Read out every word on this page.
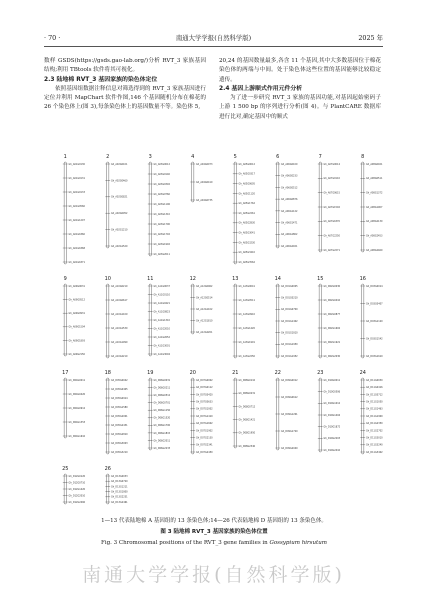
· 70 ·	南通大学学报(自然科学版)	2025 年

数样 GSDS(https://gsds.gao-lab.org/)分析 RVT_3 家族基因结构;利用 TBtools 软件将其可视化。

2.3 陆地棉 RVT_3 基因家族的染色体定位

依照基因组数据注释信息对筛选得到的 RVT_3 家族基因进行定位并利用 MapChart 软件作图,146 个基因随机分布在棉花的 26 个染色体上(图 3),每条染色体上的基因数量不等。染色体 5,

20,24 的基因数量最多,各含 11 个基因,其中大多数基因位于棉花染色体的两端与中间。处于染色体这些位置的基因能够比较稳定遗传。

2.4 基因上游顺式作用元件分析

为了进一步研究 RVT_3 家族的基因功能,对基因起始密码子上游 1 500 bp 的序列进行分析(图 4)。与 PlantCARE 数据库进行比对,确定基因中的顺式

1
Gh_A01G0130
Gh_A01G0131
Gh_A01G0133
Gh_A01G0560
Gh_A01G1207
Gh_A01G1860
Gh_A01G1868
Gh_A01G1871
2
Gh_A02G0101
Gh_A02G0460
Gh_A02G0821
Gh_A02G0952
Gh_A02G1210
Gh_A02G1520
3
Gh_A03G0012
Gh_A03G0140
Gh_A03G0392
Gh_A03G0760
Gh_A03G1106
Gh_A03G1310
Gh_A03G1700
Gh_A03G1702
Gh_A03G1902
Gh_A03G2011
4
Gh_A04G0073
Gh_A04G0410
Gh_A04G0735
5
Gh_A05G0012
Gh_A05G0317
Gh_A05G0605
Gh_A05G1120
Gh_A05G1762
Gh_A05G2261
Gh_A05G2830
Gh_A05G3041
Gh_A05G3230
Gh_A05G3410
Gh_A05G3562
6
Gh_A06G0100
Gh_A06G0233
Gh_A06G0512
Gh_A06G0876
Gh_A06G1122
Gh_A06G1471
Gh_A06G1802
Gh_A06G2021
7
Gh_A07G0014
Gh_A07G0110
Gh_A07G0615
Gh_A07G1502
Gh_A07G1870
Gh_A07G2250
Gh_A07G2271
8
Gh_A08G0021
Gh_A08G0511
Gh_A08G1372
Gh_A08G1907
Gh_A08G2130
Gh_A08G2453
Gh_A08G2460
9
Gh_A09G0031
Gh_A09G0512
Gh_A09G0931
Gh_A09G1504
Gh_A09G1893
Gh_A09G2150
10
Gh_A10G0210
Gh_A10G0617
Gh_A10G1109
Gh_A10G1530
Gh_A10G1990
Gh_A10G2210
11
Gh_A11G0037
Gh_A11G0110
Gh_A11G0421
Gh_A11G0823
Gh_A11G1310
Gh_A11G2010
Gh_A11G2652
Gh_A11G3001
Gh_A11G3004
12
Gh_A12G0062
Gh_A12G0514
Gh_A12G1102
Gh_A12G1810
Gh_A12G2201
13
Gh_A13G0041
Gh_A13G0511
Gh_A13G0910
Gh_A13G1420
Gh_A13G1901
Gh_A13G2250
14
Gh_D01G0005
Gh_D01G0210
Gh_D01G0700
Gh_D01G1402
Gh_D01G1810
Gh_D01G1950
Gh_D01G1952
15
Gh_D02G0030
Gh_D02G0410
Gh_D02G0877
Gh_D02G1602
Gh_D02G1921
Gh_D02G2030
16
Gh_D03G0014
Gh_D03G0407
Gh_D03G1120
Gh_D03G1542
Gh_D03G1610
17
Gh_D04G0011
Gh_D04G0420
Gh_D04G0912
Gh_D04G1353
Gh_D04G1610
18
Gh_D05G0042
Gh_D05G0405
Gh_D05G0914
Gh_D05G1580
Gh_D05G2001
Gh_D05G2431
Gh_D05G2810
Gh_D05G3003
Gh_D05G3210
19
Gh_D06G0031
Gh_D06G0211
Gh_D06G0512
Gh_D06G0701
Gh_D06G1150
Gh_D06G1520
Gh_D06G1700
Gh_D06G1815
Gh_D06G2011
Gh_D06G2233
20
Gh_D07G0002
Gh_D07G0112
Gh_D07G0420
Gh_D07G0633
Gh_D07G1002
Gh_D07G1410
Gh_D07G1602
Gh_D07G1902
Gh_D07G2130
Gh_D07G2341
Gh_D07G2450
21
Gh_D08G0110
Gh_D08G0231
Gh_D08G0712
Gh_D08G1421
Gh_D08G1950
Gh_D08G2340
22
Gh_D09G0012
Gh_D09G0612
Gh_D09G1201
Gh_D09G1720
Gh_D09G2040
23
Gh_D10G0011
Gh_D10G0506
Gh_D10G1012
Gh_D10G1404
Gh_D10G1872
Gh_D10G2203
Gh_D10G2410
24
Gh_D11G0030
Gh_D11G0416
Gh_D11G0712
Gh_D11G1050
Gh_D11G1463
Gh_D11G1900
Gh_D11G2350
Gh_D11G2702
Gh_D11G3010
Gh_D11G3240
Gh_D11G3402
25
Gh_D12G0120
Gh_D12G0710
Gh_D12G1420
Gh_D12G2010
Gh_D12G2460
26
Gh_D13G0033
Gh_D13G0720
Gh_D13G1211
Gh_D13G1800
Gh_D13G2231
Gh_D13G2461
1—13 代表陆地棉 A 基因组的 13 条染色体;14—26 代表陆地棉 D 基因组的 13 条染色体。
图 3 陆地棉 RVT_3 基因家族的染色体位置
Fig. 3 Chromosomal positions of the RVT_3 gene families in Gossypium hirsutum
南通大学学报(自然科学版)
